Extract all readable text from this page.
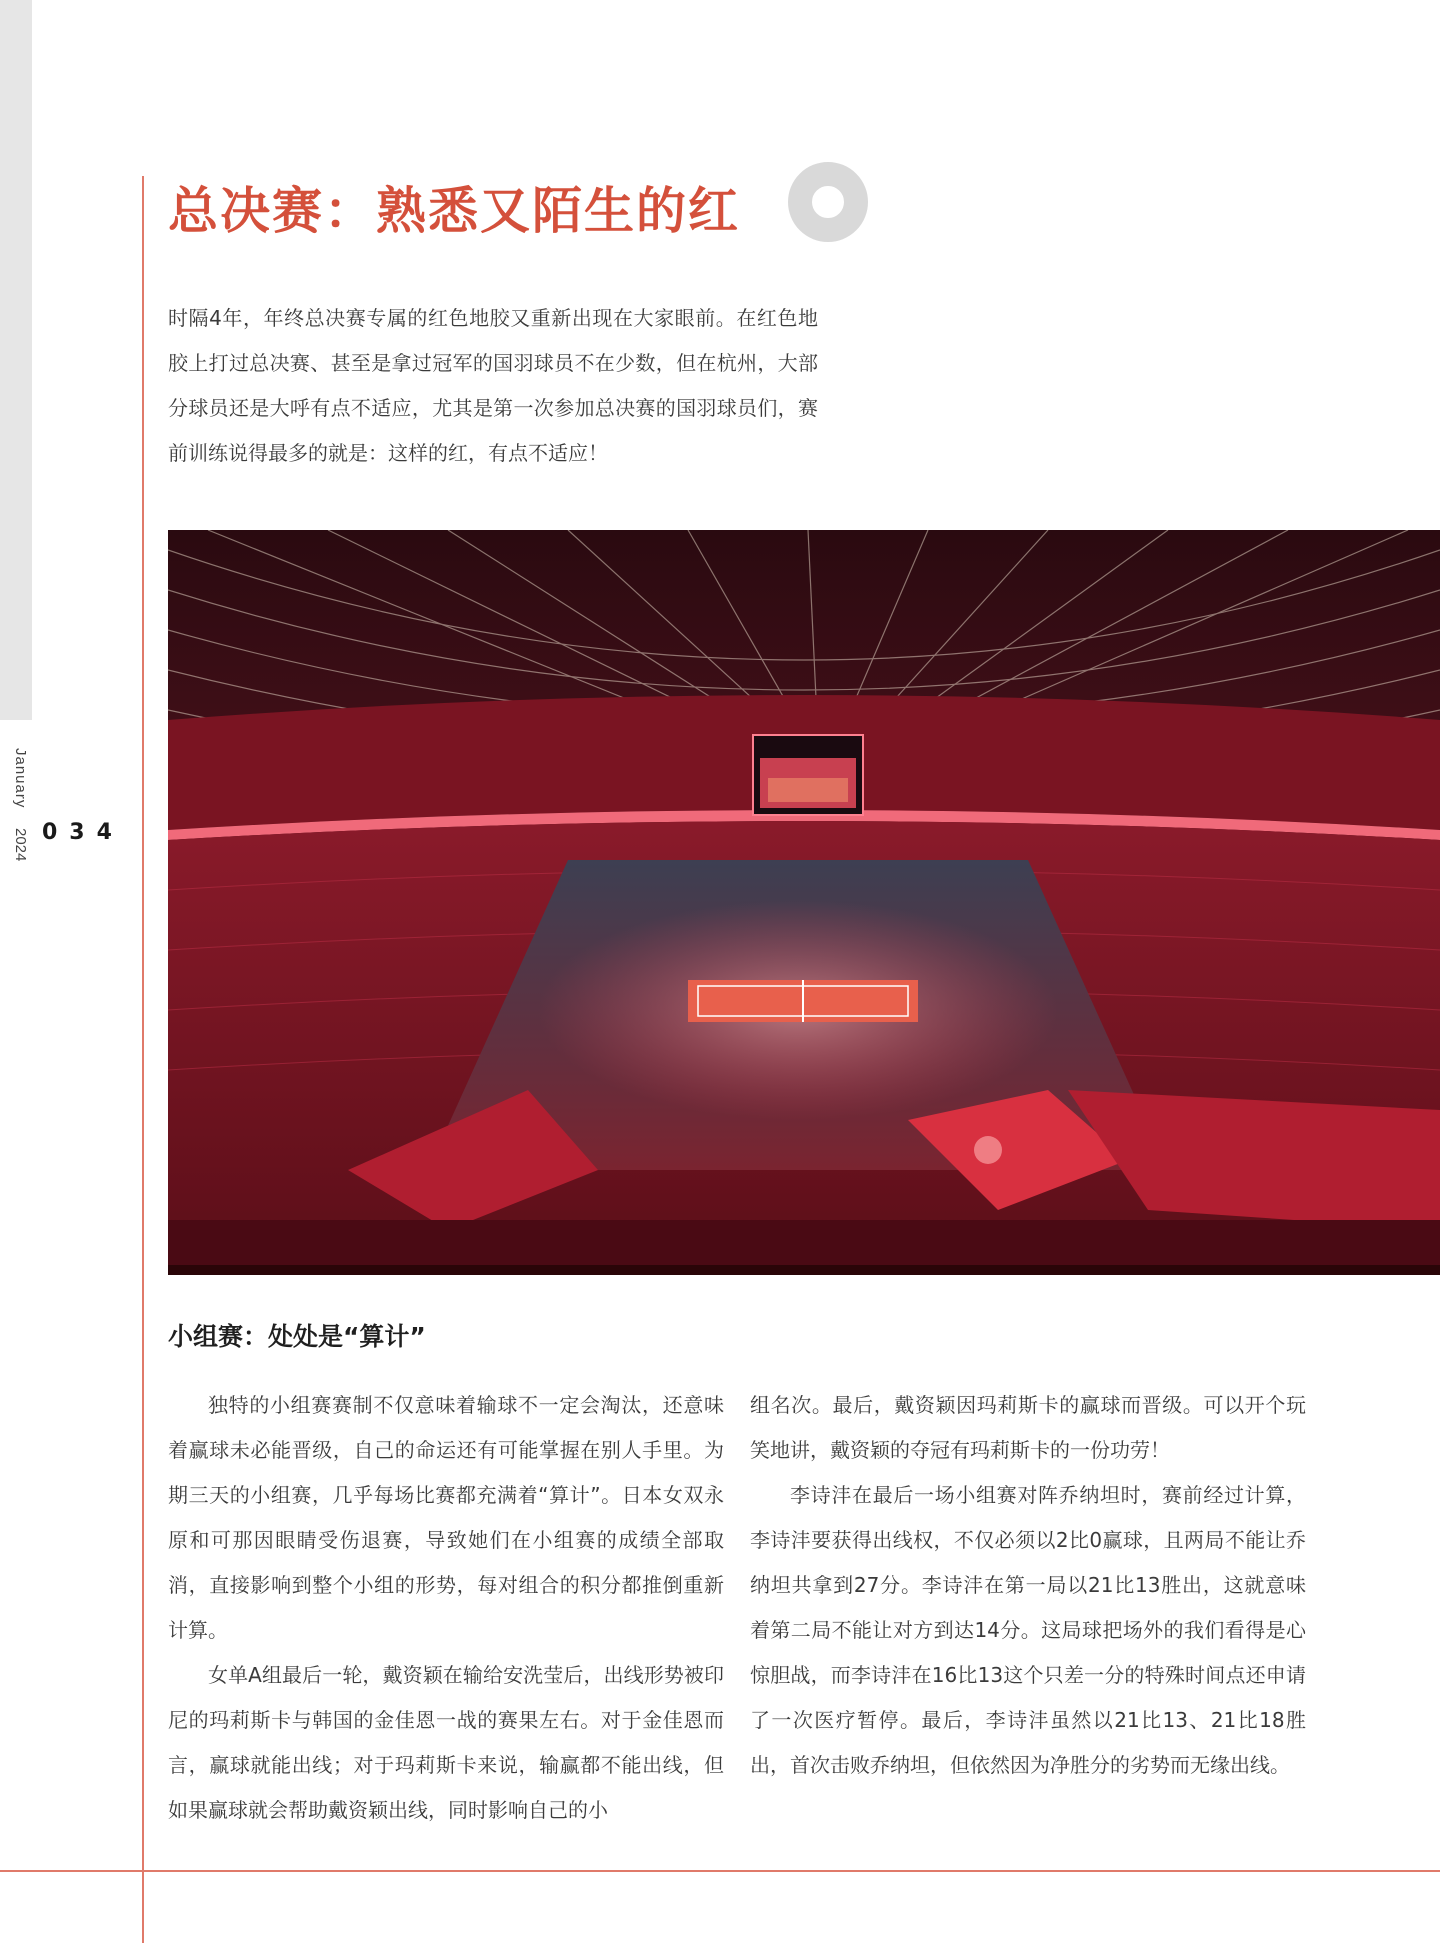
January
2024 034
总决赛：熟悉又陌生的红

时隔4年，年终总决赛专属的红色地胶又重新出现在大家眼前。在红色地胶上打过总决赛、甚至是拿过冠军的国羽球员不在少数，但在杭州，大部分球员还是大呼有点不适应，尤其是第一次参加总决赛的国羽球员们，赛前训练说得最多的就是：这样的红，有点不适应！

小组赛：处处是“算计”

独特的小组赛赛制不仅意味着输球不一定会淘汰，还意味着赢球未必能晋级，自己的命运还有可能掌握在别人手里。为期三天的小组赛，几乎每场比赛都充满着“算计”。日本女双永原和可那因眼睛受伤退赛，导致她们在小组赛的成绩全部取消，直接影响到整个小组的形势，每对组合的积分都推倒重新计算。

女单A组最后一轮，戴资颖在输给安洗莹后，出线形势被印尼的玛莉斯卡与韩国的金佳恩一战的赛果左右。对于金佳恩而言，赢球就能出线；对于玛莉斯卡来说，输赢都不能出线，但如果赢球就会帮助戴资颖出线，同时影响自己的小

组名次。最后，戴资颖因玛莉斯卡的赢球而晋级。可以开个玩笑地讲，戴资颖的夺冠有玛莉斯卡的一份功劳！

李诗沣在最后一场小组赛对阵乔纳坦时，赛前经过计算，李诗沣要获得出线权，不仅必须以2比0赢球，且两局不能让乔纳坦共拿到27分。李诗沣在第一局以21比13胜出，这就意味着第二局不能让对方到达14分。这局球把场外的我们看得是心惊胆战，而李诗沣在16比13这个只差一分的特殊时间点还申请了一次医疗暂停。最后，李诗沣虽然以21比13、21比18胜出，首次击败乔纳坦，但依然因为净胜分的劣势而无缘出线。
